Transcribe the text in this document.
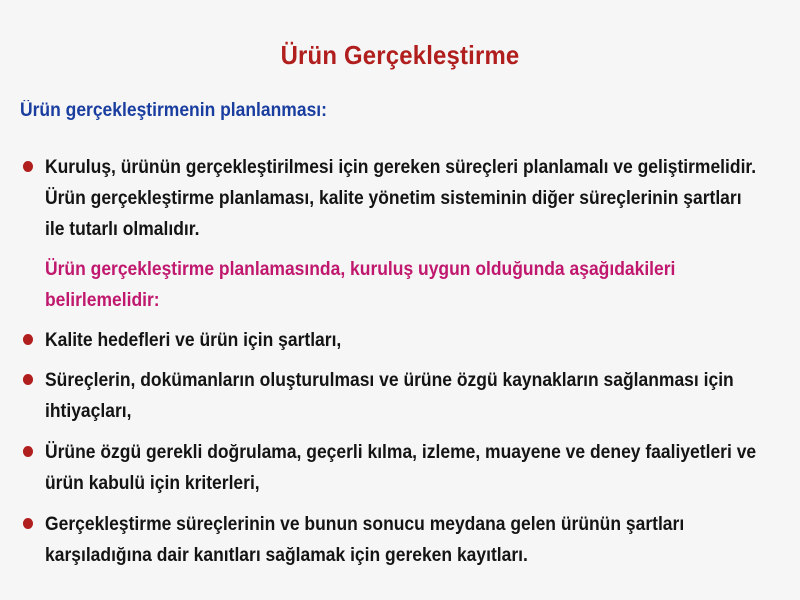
Ürün Gerçekleştirme
Ürün gerçekleştirmenin planlanması:
Kuruluş, ürünün gerçekleştirilmesi için gereken süreçleri planlamalı ve geliştirmelidir.
Ürün gerçekleştirme planlaması, kalite yönetim sisteminin diğer süreçlerinin şartları
ile tutarlı olmalıdır.
Ürün gerçekleştirme planlamasında, kuruluş uygun olduğunda aşağıdakileri
belirlemelidir:
Kalite hedefleri ve ürün için şartları,
Süreçlerin, dokümanların oluşturulması ve ürüne özgü kaynakların sağlanması için
ihtiyaçları,
Ürüne özgü gerekli doğrulama, geçerli kılma, izleme, muayene ve deney faaliyetleri ve
ürün kabulü için kriterleri,
Gerçekleştirme süreçlerinin ve bunun sonucu meydana gelen ürünün şartları
karşıladığına dair kanıtları sağlamak için gereken kayıtları.
